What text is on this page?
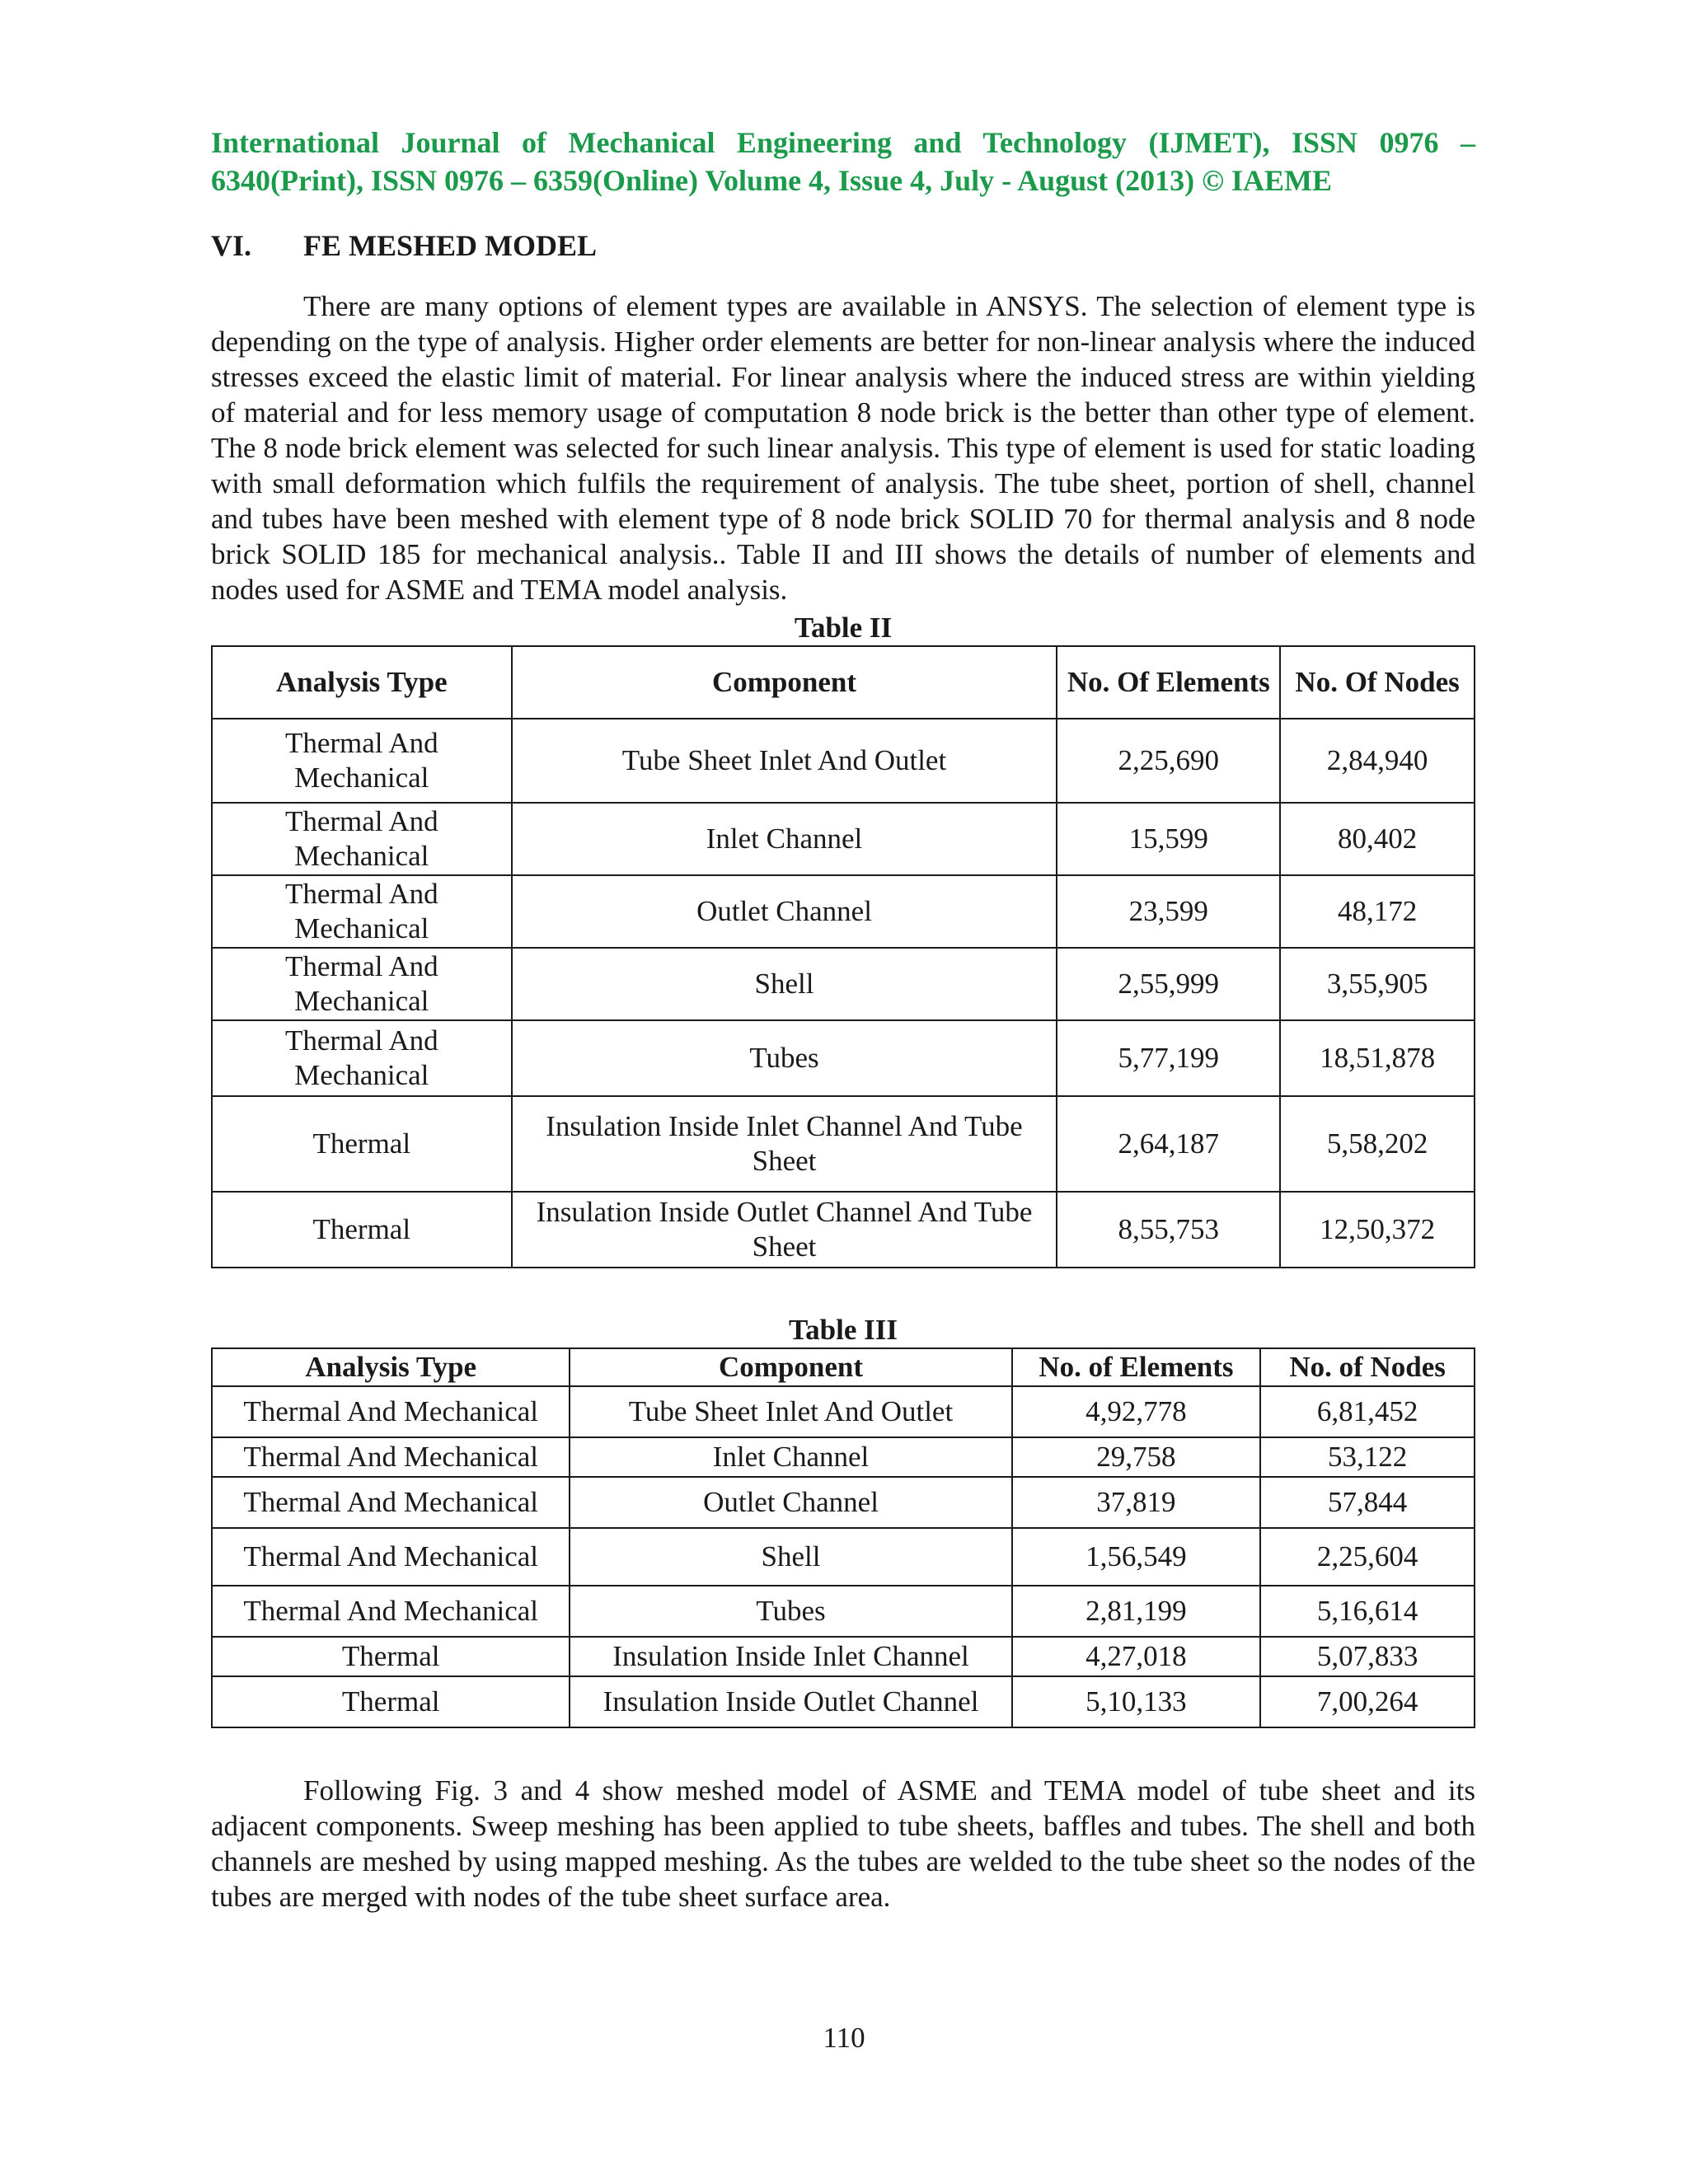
International Journal of Mechanical Engineering and Technology (IJMET), ISSN 0976 – 6340(Print), ISSN 0976 – 6359(Online) Volume 4, Issue 4, July - August (2013) © IAEME

VI.	FE MESHED MODEL

There are many options of element types are available in ANSYS. The selection of element type is depending on the type of analysis. Higher order elements are better for non-linear analysis where the induced stresses exceed the elastic limit of material. For linear analysis where the induced stress are within yielding of material and for less memory usage of computation 8 node brick is the better than other type of element. The 8 node brick element was selected for such linear analysis. This type of element is used for static loading with small deformation which fulfils the requirement of analysis. The tube sheet, portion of shell, channel and tubes have been meshed with element type of 8 node brick SOLID 70 for thermal analysis and 8 node brick SOLID 185 for mechanical analysis.. Table II and III shows the details of number of elements and nodes used for ASME and TEMA model analysis.

Table II
Analysis Type	Component	No. Of Elements	No. Of Nodes
Thermal And Mechanical	Tube Sheet Inlet And Outlet	2,25,690	2,84,940
Thermal And Mechanical	Inlet Channel	15,599	80,402
Thermal And Mechanical	Outlet Channel	23,599	48,172
Thermal And Mechanical	Shell	2,55,999	3,55,905
Thermal And Mechanical	Tubes	5,77,199	18,51,878
Thermal	Insulation Inside Inlet Channel And Tube Sheet	2,64,187	5,58,202
Thermal	Insulation Inside Outlet Channel And Tube Sheet	8,55,753	12,50,372
Table III
Analysis Type	Component	No. of Elements	No. of Nodes
Thermal And Mechanical	Tube Sheet Inlet And Outlet	4,92,778	6,81,452
Thermal And Mechanical	Inlet Channel	29,758	53,122
Thermal And Mechanical	Outlet Channel	37,819	57,844
Thermal And Mechanical	Shell	1,56,549	2,25,604
Thermal And Mechanical	Tubes	2,81,199	5,16,614
Thermal	Insulation Inside Inlet Channel	4,27,018	5,07,833
Thermal	Insulation Inside Outlet Channel	5,10,133	7,00,264

Following Fig. 3 and 4 show meshed model of ASME and TEMA model of tube sheet and its adjacent components. Sweep meshing has been applied to tube sheets, baffles and tubes. The shell and both channels are meshed by using mapped meshing. As the tubes are welded to the tube sheet so the nodes of the tubes are merged with nodes of the tube sheet surface area.

110
